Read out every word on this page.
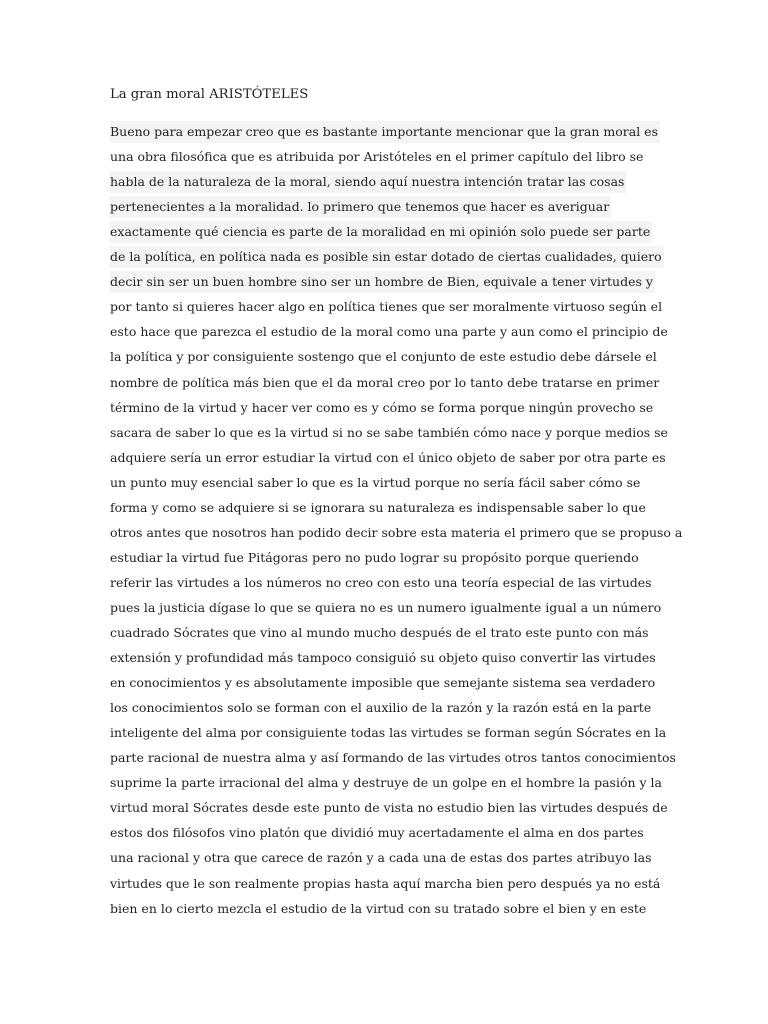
La gran moral ARISTÓTELES
Bueno para empezar creo que es bastante importante mencionar que la gran moral es
una obra filosófica que es atribuida por Aristóteles en el primer capítulo del libro se
habla de la naturaleza de la moral, siendo aquí nuestra intención tratar las cosas
pertenecientes a la moralidad. lo primero que tenemos que hacer es averiguar
exactamente qué ciencia es parte de la moralidad en mi opinión solo puede ser parte
de la política, en política nada es posible sin estar dotado de ciertas cualidades, quiero
decir sin ser un buen hombre sino ser un hombre de Bien, equivale a tener virtudes y
por tanto si quieres hacer algo en política tienes que ser moralmente virtuoso según el
esto hace que parezca el estudio de la moral como una parte y aun como el principio de
la política y por consiguiente sostengo que el conjunto de este estudio debe dársele el
nombre de política más bien que el da moral creo por lo tanto debe tratarse en primer
término de la virtud y hacer ver como es y cómo se forma porque ningún provecho se
sacara de saber lo que es la virtud si no se sabe también cómo nace y porque medios se
adquiere sería un error estudiar la virtud con el único objeto de saber por otra parte es
un punto muy esencial saber lo que es la virtud porque no sería fácil saber cómo se
forma y como se adquiere si se ignorara su naturaleza es indispensable saber lo que
otros antes que nosotros han podido decir sobre esta materia el primero que se propuso a
estudiar la virtud fue Pitágoras pero no pudo lograr su propósito porque queriendo
referir las virtudes a los números no creo con esto una teoría especial de las virtudes
pues la justicia dígase lo que se quiera no es un numero igualmente igual a un número
cuadrado Sócrates que vino al mundo mucho después de el trato este punto con más
extensión y profundidad más tampoco consiguió su objeto quiso convertir las virtudes
en conocimientos y es absolutamente imposible que semejante sistema sea verdadero
los conocimientos solo se forman con el auxilio de la razón y la razón está en la parte
inteligente del alma por consiguiente todas las virtudes se forman según Sócrates en la
parte racional de nuestra alma y así formando de las virtudes otros tantos conocimientos
suprime la parte irracional del alma y destruye de un golpe en el hombre la pasión y la
virtud moral Sócrates desde este punto de vista no estudio bien las virtudes después de
estos dos filósofos vino platón que dividió muy acertadamente el alma en dos partes
una racional y otra que carece de razón y a cada una de estas dos partes atribuyo las
virtudes que le son realmente propias hasta aquí marcha bien pero después ya no está
bien en lo cierto mezcla el estudio de la virtud con su tratado sobre el bien y en este
